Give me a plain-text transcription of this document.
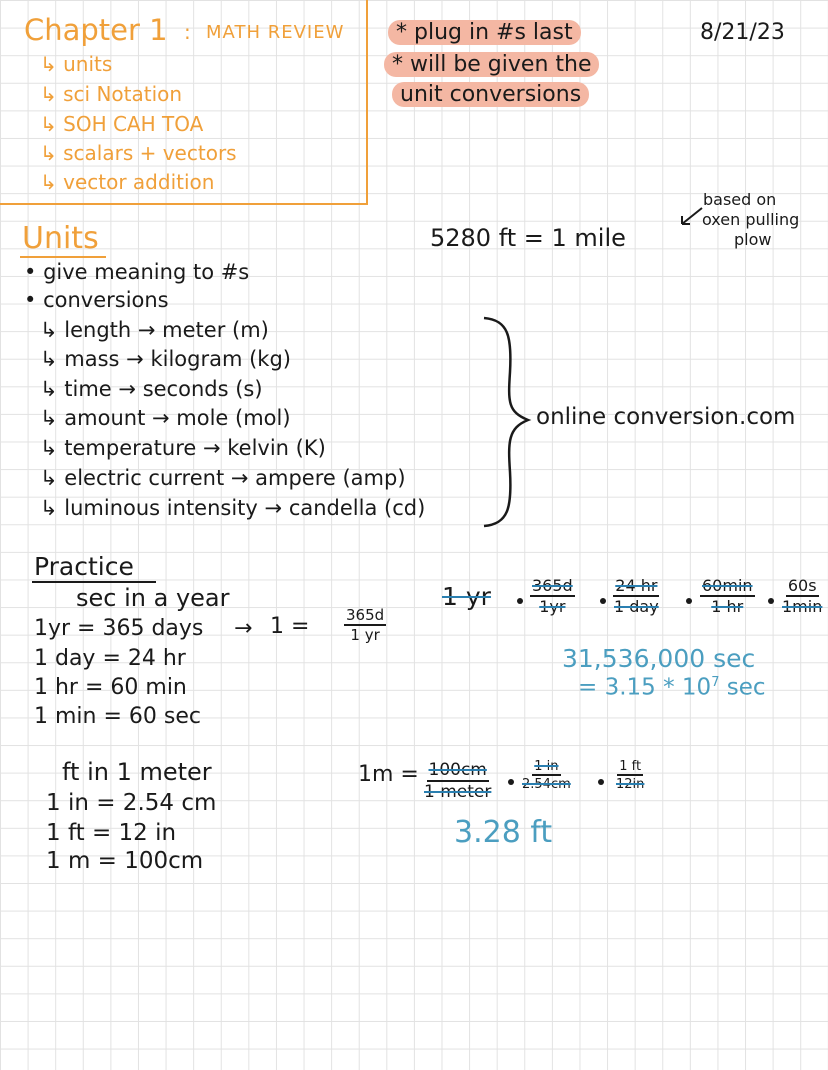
Chapter 1 : MATH REVIEW
↳ units
↳ sci Notation
↳ SOH CAH TOA
↳ scalars + vectors
↳ vector addition
* plug in #s last
* will be given the
unit conversions
8/21/23
Units
• give meaning to #s
• conversions
↳ length → meter (m)
↳ mass → kilogram (kg)
↳ time → seconds (s)
↳ amount → mole (mol)
↳ temperature → kelvin (K)
↳ electric current → ampere (amp)
↳ luminous intensity → candella (cd)
online conversion.com
5280 ft = 1 mile
based on
oxen pulling
plow
Practice
sec in a year
1yr = 365 days → $1 = \frac{365d}{1 yr}$
1 day = 24 hr
1 hr = 60 min
1 min = 60 sec
1 yr $\frac{365d}{1yr}$	24 hr
1 day
60min
1 hr
60s
1min
31,536,000 sec
= $3.15 * 10^7$ sec
ft in 1 meter
1 in = 2.54 cm
1 ft = 12 in
1 m = 100cm
1m = 100cm
1 meter
$\frac{1 in}{2.54cm}$	$\frac{1 ft}{12in}$
3.28 ft
